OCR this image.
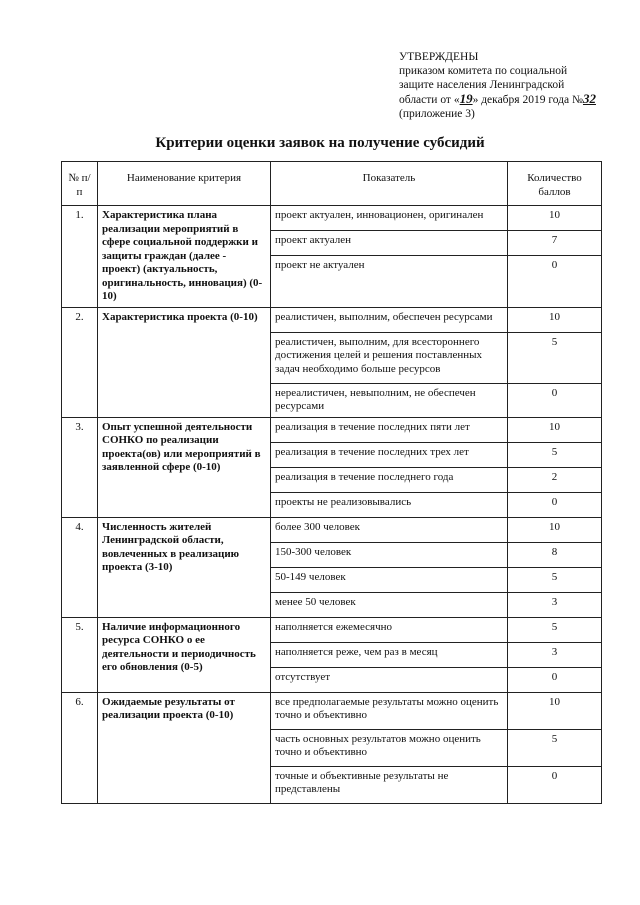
УТВЕРЖДЕНЫ
приказом комитета по социальной
защите населения Ленинградской
области от «19» декабря 2019 года №32
(приложение 3)
Критерии оценки заявок на получение субсидий
№ п/п	Наименование критерия	Показатель	Количество баллов
1.	Характеристика плана реализации мероприятий в сфере социальной поддержки и защиты граждан (далее - проект) (актуальность, оригинальность, инновация) (0-10)	проект актуален, инновационен, оригинален	10
		проект актуален	7
		проект не актуален	0
2.	Характеристика проекта (0-10)	реалистичен, выполним, обеспечен ресурсами	10
		реалистичен, выполним, для всестороннего достижения целей и решения поставленных задач необходимо больше ресурсов	5
		нереалистичен, невыполним, не обеспечен ресурсами	0
3.	Опыт успешной деятельности СОНКО по реализации проекта(ов) или мероприятий в заявленной сфере (0-10)	реализация в течение последних пяти лет	10
		реализация в течение последних трех лет	5
		реализация в течение последнего года	2
		проекты не реализовывались	0
4.	Численность жителей Ленинградской области, вовлеченных в реализацию проекта (3-10)	более 300 человек	10
		150-300 человек	8
		50-149 человек	5
		менее 50 человек	3
5.	Наличие информационного ресурса СОНКО о ее деятельности и периодичность его обновления (0-5)	наполняется ежемесячно	5
		наполняется реже, чем раз в месяц	3
		отсутствует	0
6.	Ожидаемые результаты от реализации проекта (0-10)	все предполагаемые результаты можно оценить точно и объективно	10
		часть основных результатов можно оценить точно и объективно	5
		точные и объективные результаты не представлены	0
